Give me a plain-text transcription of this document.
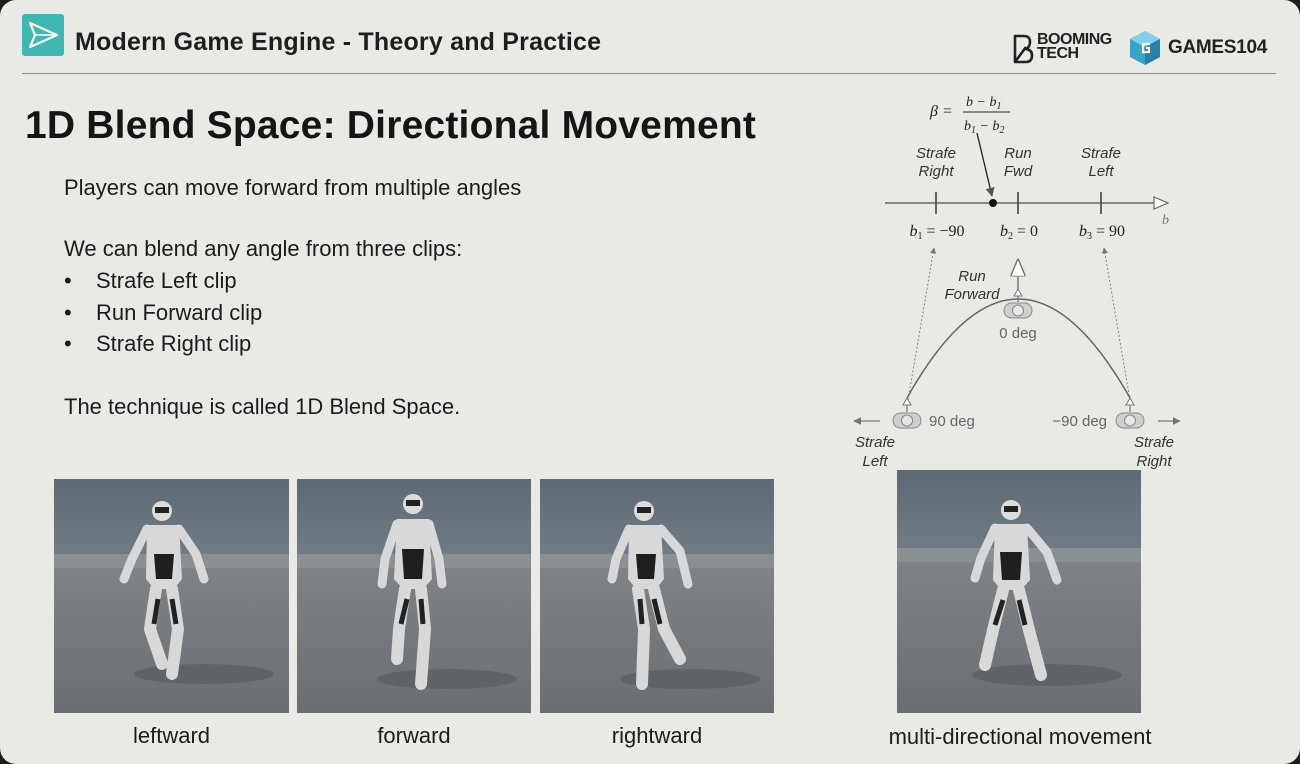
Modern Game Engine - Theory and Practice	BOOMING
TECH	GAMES104
1D Blend Space: Directional Movement
Players can move forward from multiple angles
We can blend any angle from three clips:
• Strafe Left clip
• Run Forward clip
• Strafe Right clip
The technique is called 1D Blend Space.
leftward	forward	rightward	multi-directional movement
β =
$b - b_1$
$b_1 - b_2$
Strafe
Right
Run
Fwd
Strafe
Left
b
b1 = −90 b2 = 0	b3 = 90
Run
Forward
0 deg
90 deg	−90 deg
Strafe
Left
Strafe
Right
